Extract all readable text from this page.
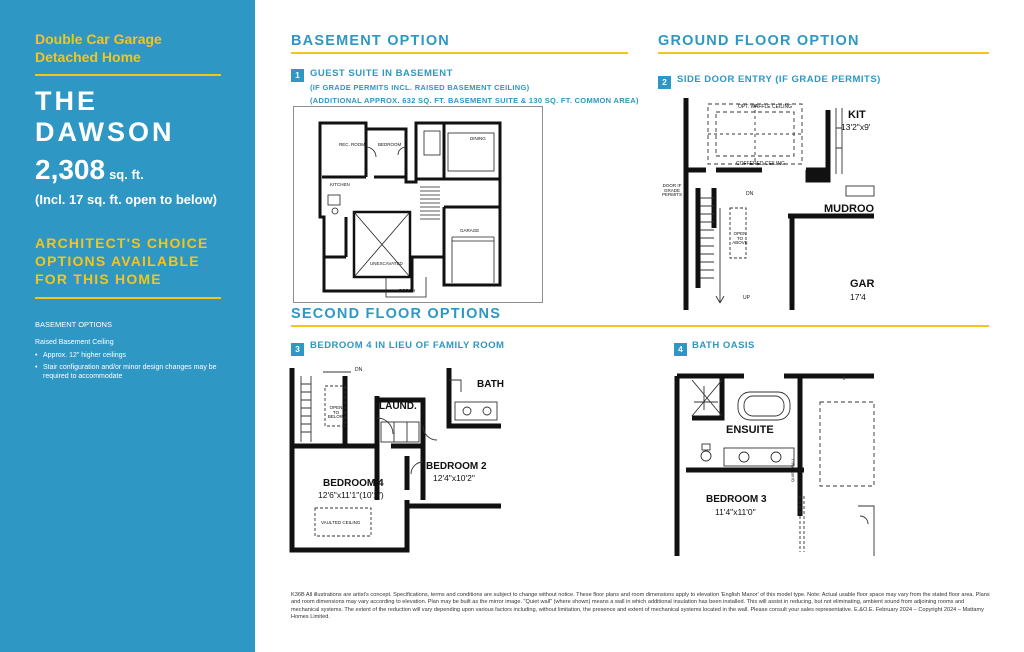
Double Car Garage
Detached Home
THE
DAWSON
2,308 sq. ft.
(Incl. 17 sq. ft. open to below)
ARCHITECT'S CHOICE
OPTIONS AVAILABLE
FOR THIS HOME
BASEMENT OPTIONS
Raised Basement Ceiling
• Approx. 12" higher ceilings
• Stair configuration and/or minor design changes may be required to accommodate
BASEMENT OPTION	GROUND FLOOR OPTION
SECOND FLOOR OPTIONS
1	GUEST SUITE IN BASEMENT
(IF GRADE PERMITS INCL. RAISED BASEMENT CEILING)
(ADDITIONAL APPROX. 632 SQ. FT. BASEMENT SUITE & 130 SQ. FT. COMMON AREA)
2	SIDE DOOR ENTRY (IF GRADE PERMITS)
3	BEDROOM 4 IN LIEU OF FAMILY ROOM	4 BATH OASIS
REC. ROOM	BEDROOM
KITCHEN
UNEXCAVATED
GARAGE
PORCH
DINING
OPT. WAFFLE CEILING
KIT
13'2"x9'
COFFERED CEILING
DOOR IF GRADE PERMITS	DN
OPEN TO ABOVE
MUDROO
GAR
17'4
UP
OPEN TO BELOW
DN
LAUND.
BATH
BEDROOM 4
12'6"x11'1"(10'1")
BEDROOM 2
12'4"x10'2"
VAULTED CEILING
ENSUITE
BEDROOM 3
11'4"x11'0"
QUIET WALL
K36B All illustrations are artist's concept. Specifications, terms and conditions are subject to change without notice. These floor plans and room dimensions apply to elevation 'English Manor' of this model type. Note: Actual usable floor space may vary from the stated floor area. Plans and room dimensions may vary according to elevation. Plan may be built as the mirror image. "Quiet wall" (where shown) means a wall in which additional insulation has been installed. This will assist in reducing, but not eliminating, ambient sound from adjoining rooms and mechanical systems. The extent of the reduction will vary depending upon various factors including, without limitation, the presence and extent of mechanical systems located in the wall. Please consult your sales representative. E.&O.E. February 2024 – Copyright 2024 – Mattamy Homes Limited.
